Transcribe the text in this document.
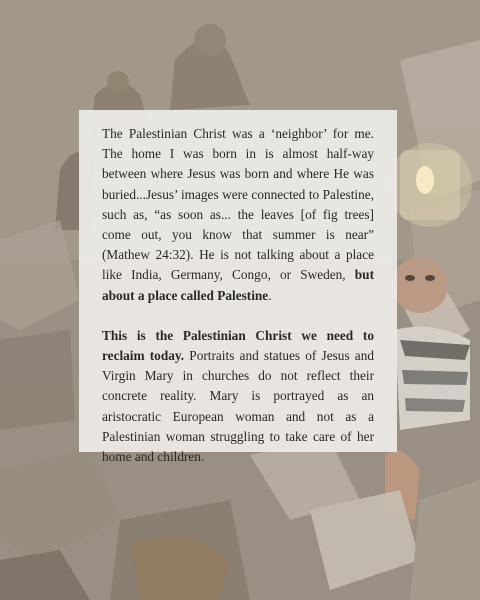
The Palestinian Christ was a ‘neighbor’ for me. The home I was born in is almost half-way between where Jesus was born and where He was buried...Jesus’ images were connected to Palestine, such as, “as soon as... the leaves [of fig trees] come out, you know that summer is near” (Mathew 24:32). He is not talking about a place like India, Germany, Congo, or Sweden, but about a place called Palestine.

This is the Palestinian Christ we need to reclaim today. Portraits and statues of Jesus and Virgin Mary in churches do not reflect their concrete reality. Mary is portrayed as an aristocratic European woman and not as a Palestinian woman struggling to take care of her home and children.
